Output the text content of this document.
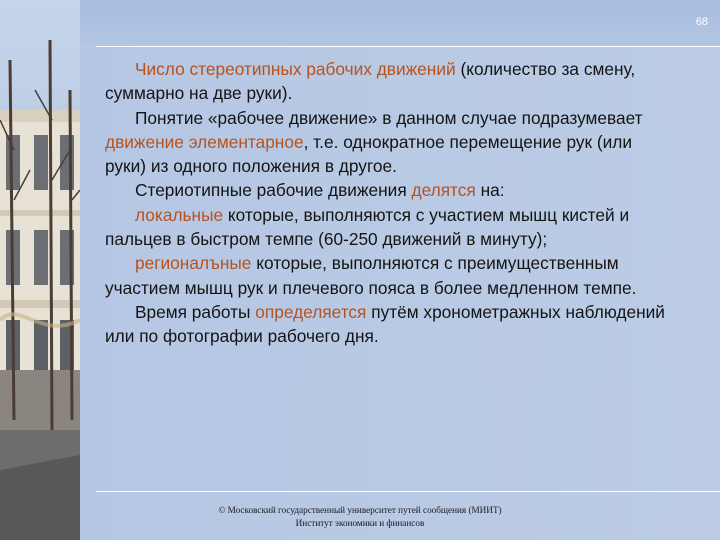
68

Число стереотипных рабочих движений (количество за смену, суммарно на две руки).

Понятие «рабочее движение» в данном случае подразумевает движение элементарное, т.е. однократное перемещение рук (или руки) из одного положения в другое.

Стериотипные рабочие движения делятся на:

локальные которые, выполняются с участием мышц кистей и пальцев в быстром темпе (60-250 движений в минуту);

регионалъные которые, выполняются с преимущественным участием мышц рук и плечевого пояса в более медленном темпе.

Время работы определяется путём хронометражных наблюдений или по фотографии рабочего дня.

© Московский государственный университет путей сообщения (МИИТ)
Институт экономики и финансов
